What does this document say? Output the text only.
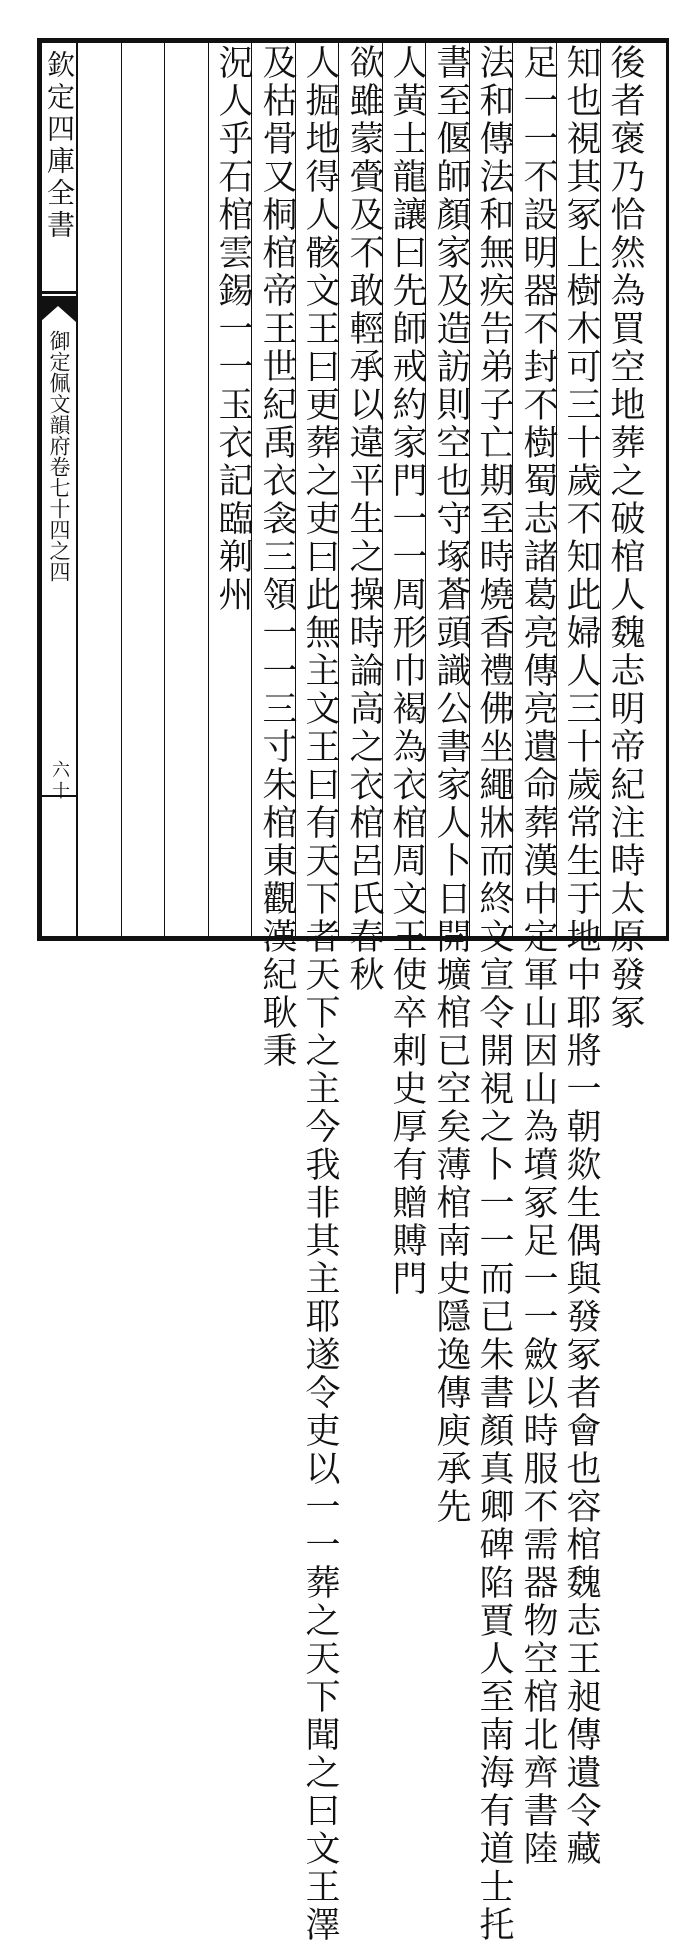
欽定四庫全書
御定佩文韻府卷七十四之四
六十	後者褒乃恰然為買空地葬之破棺人魏志明帝紀注時太原發冢
知也視其冢上樹木可三十歲不知此婦人三十歲常生于地中耶將一朝欻生偶與發冢者會也容棺魏志王昶傳遺令藏
足一一不設明器不封不樹蜀志諸葛亮傳亮遺命葬漢中定軍山因山為墳冢足一一斂以時服不需器物空棺北齊書陸
法和傳法和無疾告弟子亡期至時燒香禮佛坐繩牀而終文宣令開視之卜一一而已朱書顏真卿碑陷賈人至南海有道士托
書至偃師顏家及造訪則空也守塚蒼頭識公書家人卜日開壙棺已空矣薄棺南史隱逸傳庾承先
人黃士龍讓曰先師戒約家門一一周形巾褐為衣棺周文王使卒剌史厚有贈賻門
欲雖蒙賫及不敢輕承以違平生之操時論高之衣棺呂氏春秋
人掘地得人骸文王曰更葬之吏曰此無主文王曰有天下者天下之主今我非其主耶遂令吏以一一葬之天下聞之曰文王澤
及枯骨又桐棺帝王世紀禹衣衾三領一一三寸朱棺東觀漢紀耿秉
況人乎石棺雲錫一一玉衣記臨剃州
